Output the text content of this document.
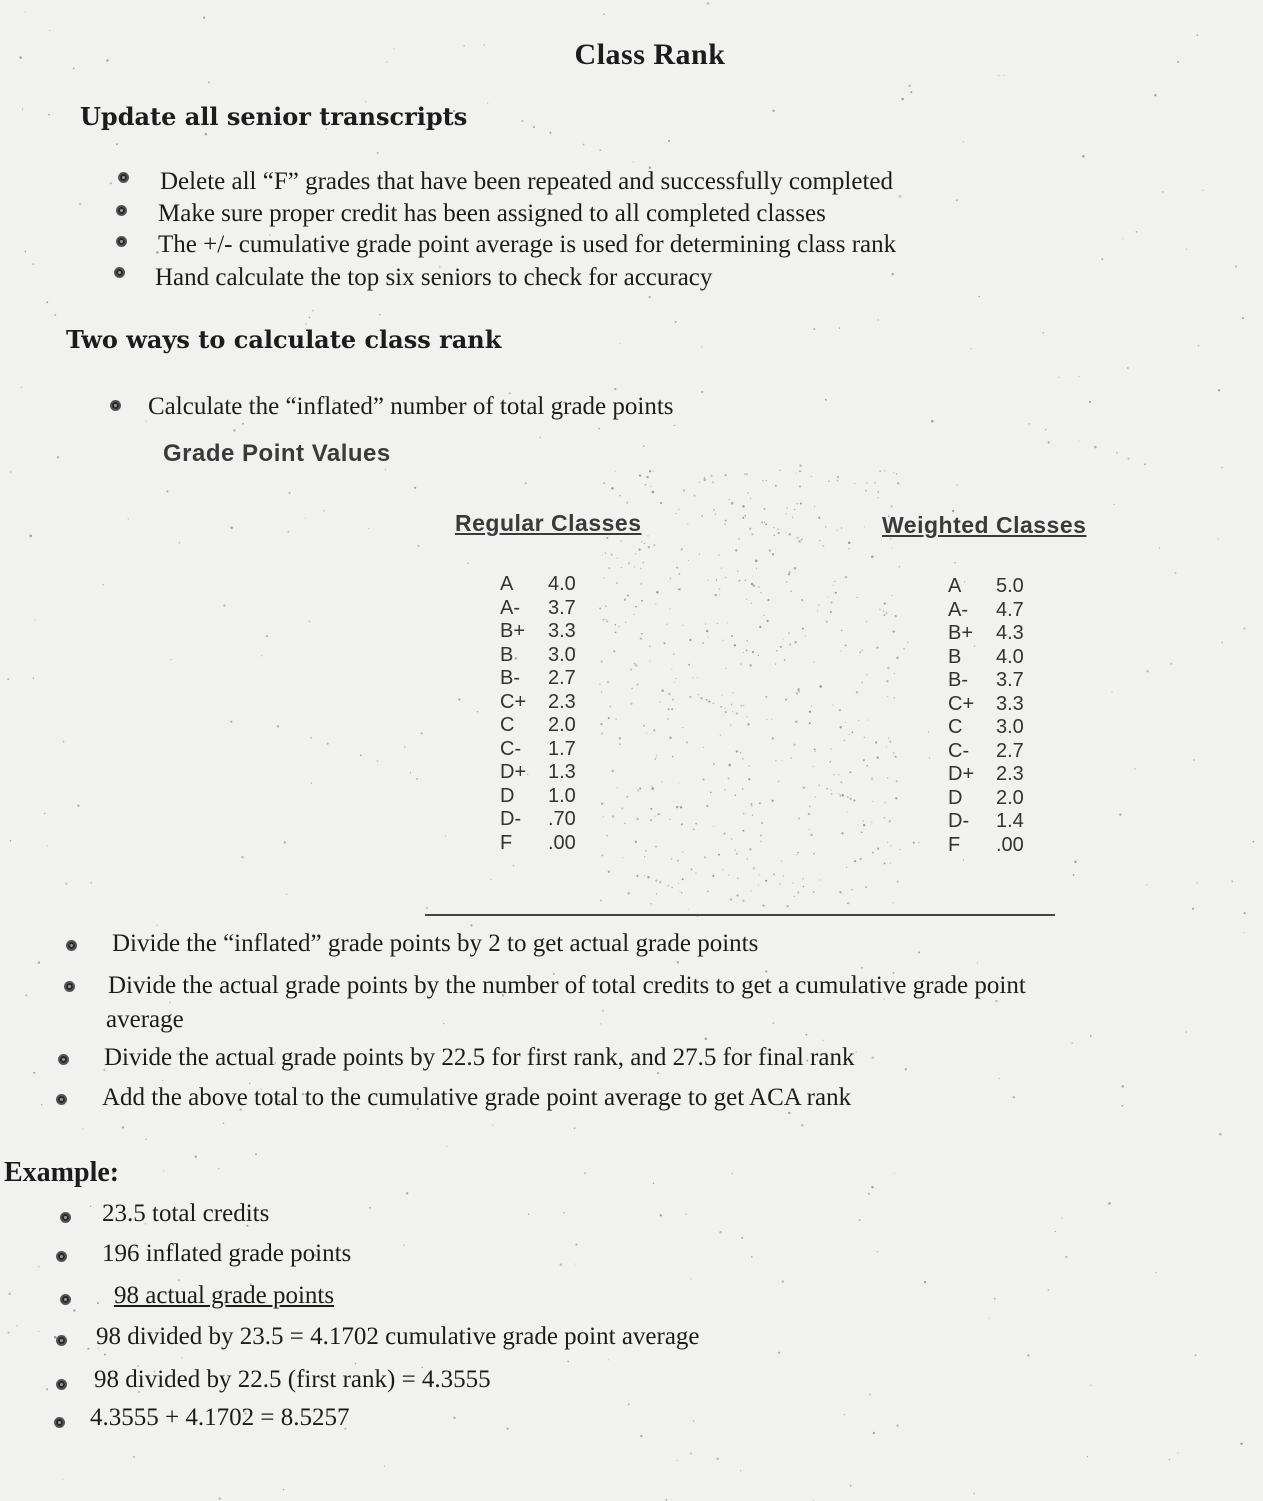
Class Rank
Update all senior transcripts
Delete all “F” grades that have been repeated and successfully completed
Make sure proper credit has been assigned to all completed classes
The +/- cumulative grade point average is used for determining class rank
Hand calculate the top six seniors to check for accuracy
Two ways to calculate class rank
Calculate the “inflated” number of total grade points
Grade Point Values
Regular Classes	Weighted Classes
A 4.0
A- 3.7
B+ 3.3
B 3.0
B- 2.7
C+ 2.3
C 2.0
C- 1.7
D+ 1.3
D 1.0
D- .70
F .00
A 5.0
A- 4.7
B+ 4.3
B 4.0
B- 3.7
C+ 3.3
C 3.0
C- 2.7
D+ 2.3
D 2.0
D- 1.4
F .00
Divide the “inflated” grade points by 2 to get actual grade points
Divide the actual grade points by the number of total credits to get a cumulative grade point
average
Divide the actual grade points by 22.5 for first rank, and 27.5 for final rank
Add the above total to the cumulative grade point average to get ACA rank
Example:
23.5 total credits
196 inflated grade points
98 actual grade points
98 divided by 23.5 = 4.1702 cumulative grade point average
98 divided by 22.5 (first rank) = 4.3555
4.3555 + 4.1702 = 8.5257
